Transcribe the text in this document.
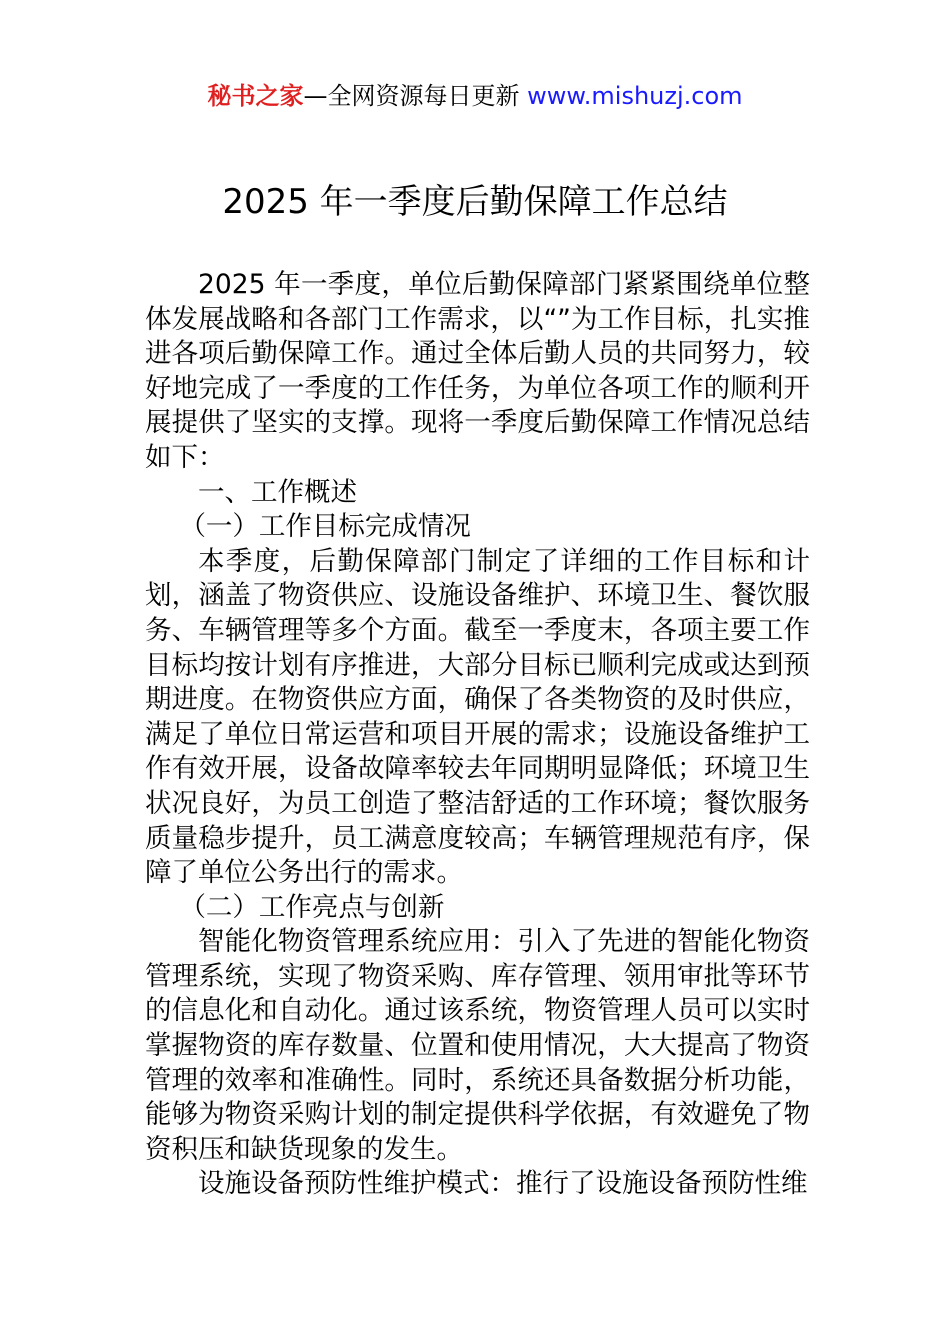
秘书之家—全网资源每日更新 www.mishuzj.com
2025 年一季度后勤保障工作总结

2025 年一季度，单位后勤保障部门紧紧围绕单位整体发展战略和各部门工作需求，以“”为工作目标，扎实推进各项后勤保障工作。通过全体后勤人员的共同努力，较好地完成了一季度的工作任务，为单位各项工作的顺利开展提供了坚实的支撑。现将一季度后勤保障工作情况总结如下：

一、工作概述

（一）工作目标完成情况

本季度，后勤保障部门制定了详细的工作目标和计划，涵盖了物资供应、设施设备维护、环境卫生、餐饮服务、车辆管理等多个方面。截至一季度末，各项主要工作目标均按计划有序推进，大部分目标已顺利完成或达到预期进度。在物资供应方面，确保了各类物资的及时供应，满足了单位日常运营和项目开展的需求；设施设备维护工作有效开展，设备故障率较去年同期明显降低；环境卫生状况良好，为员工创造了整洁舒适的工作环境；餐饮服务质量稳步提升，员工满意度较高；车辆管理规范有序，保障了单位公务出行的需求。

（二）工作亮点与创新

智能化物资管理系统应用：引入了先进的智能化物资管理系统，实现了物资采购、库存管理、领用审批等环节的信息化和自动化。通过该系统，物资管理人员可以实时掌握物资的库存数量、位置和使用情况，大大提高了物资管理的效率和准确性。同时，系统还具备数据分析功能，能够为物资采购计划的制定提供科学依据，有效避免了物资积压和缺货现象的发生。

设施设备预防性维护模式：推行了设施设备预防性维
